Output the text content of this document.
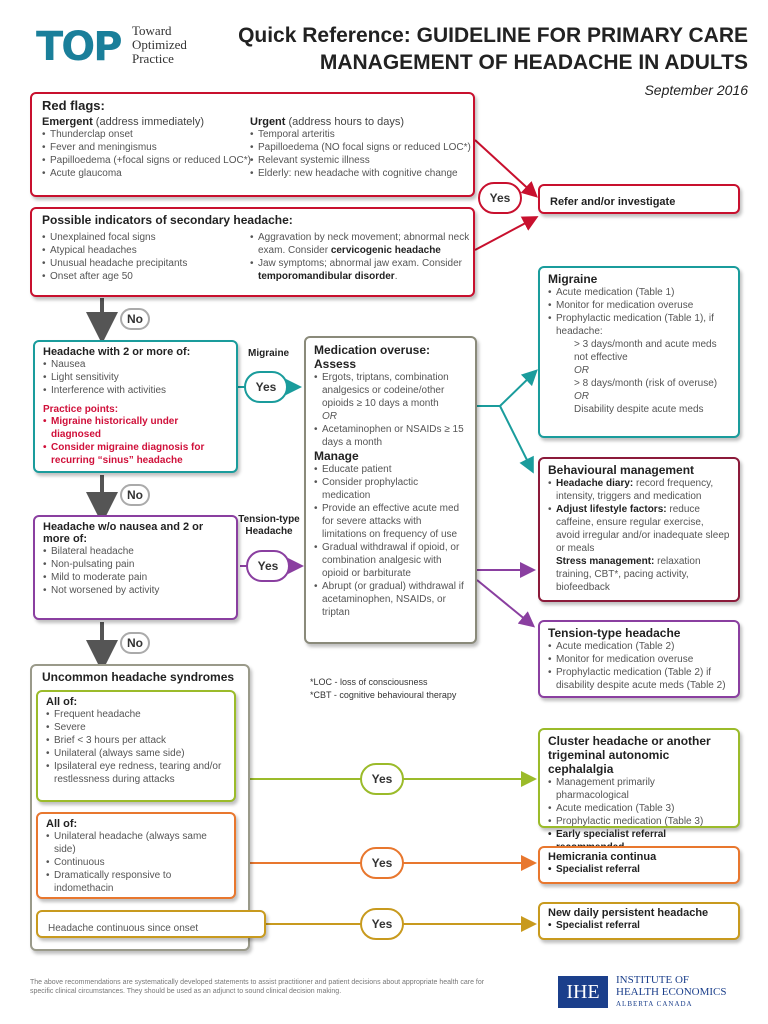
TOP Toward
Optimized
Practice
Quick Reference: GUIDELINE FOR PRIMARY CARE
MANAGEMENT OF HEADACHE IN ADULTS
September 2016
Red flags:
Emergent (address immediately)
• Thunderclap onset
• Fever and meningismus
• Papilloedema (+focal signs or reduced LOC*)
• Acute glaucoma
Urgent (address hours to days)
• Temporal arteritis
• Papilloedema (NO focal signs or reduced LOC*)
• Relevant systemic illness
• Elderly: new headache with cognitive change
Possible indicators of secondary headache:
• Unexplained focal signs
• Atypical headaches
• Unusual headache precipitants
• Onset after age 50
• Aggravation by neck movement; abnormal neck exam. Consider cervicogenic headache
• Jaw symptoms; abnormal jaw exam. Consider temporomandibular disorder.
Yes	Refer and/or investigate
No
Headache with 2 or more of:
• Nausea
• Light sensitivity
• Interference with activities
Practice points:
• Migraine historically under diagnosed
• Consider migraine diagnosis for recurring “sinus” headache
Migraine
Yes
No
Headache w/o nausea and 2 or more of:
• Bilateral headache
• Non-pulsating pain
• Mild to moderate pain
• Not worsened by activity
Tension-type
Headache
Yes
No
Medication overuse:
Assess
• Ergots, triptans, combination analgesics or codeine/other opioids ≥ 10 days a month
OR
• Acetaminophen or NSAIDs ≥ 15 days a month
Manage
• Educate patient
• Consider prophylactic medication
• Provide an effective acute med for severe attacks with limitations on frequency of use
• Gradual withdrawal if opioid, or combination analgesic with opioid or barbiturate
• Abrupt (or gradual) withdrawal if acetaminophen, NSAIDs, or triptan
Migraine
• Acute medication (Table 1)
• Monitor for medication overuse
• Prophylactic medication (Table 1), if headache:
> 3 days/month and acute meds not effective
OR
> 8 days/month (risk of overuse)
OR
Disability despite acute meds
Behavioural management
• Headache diary: record frequency, intensity, triggers and medication
• Adjust lifestyle factors: reduce caffeine, ensure regular exercise, avoid irregular and/or inadequate sleep or meals
Stress management: relaxation training, CBT*, pacing activity, biofeedback
Tension-type headache
• Acute medication (Table 2)
• Monitor for medication overuse
• Prophylactic medication (Table 2) if disability despite acute meds (Table 2)
*LOC - loss of consciousness
*CBT - cognitive behavioural therapy
Uncommon headache syndromes
All of:
• Frequent headache
• Severe
• Brief < 3 hours per attack
• Unilateral (always same side)
• Ipsilateral eye redness, tearing and/or restlessness during attacks
All of:
• Unilateral headache (always same side)
• Continuous
• Dramatically responsive to indomethacin
Headache continuous since onset
Yes
Yes
Yes
Cluster headache or another trigeminal autonomic cephalalgia
• Management primarily pharmacological
• Acute medication (Table 3)
• Prophylactic medication (Table 3)
• Early specialist referral
Hemicrania continua
• Specialist referral
New daily persistent headache
• Specialist referral
The above recommendations are systematically developed statements to assist practitioner and patient decisions about appropriate health care for specific clinical circumstances. They should be used as an adjunct to sound clinical decision making.	IHE
INSTITUTE OF
HEALTH ECONOMICS
ALBERTA CANADA
